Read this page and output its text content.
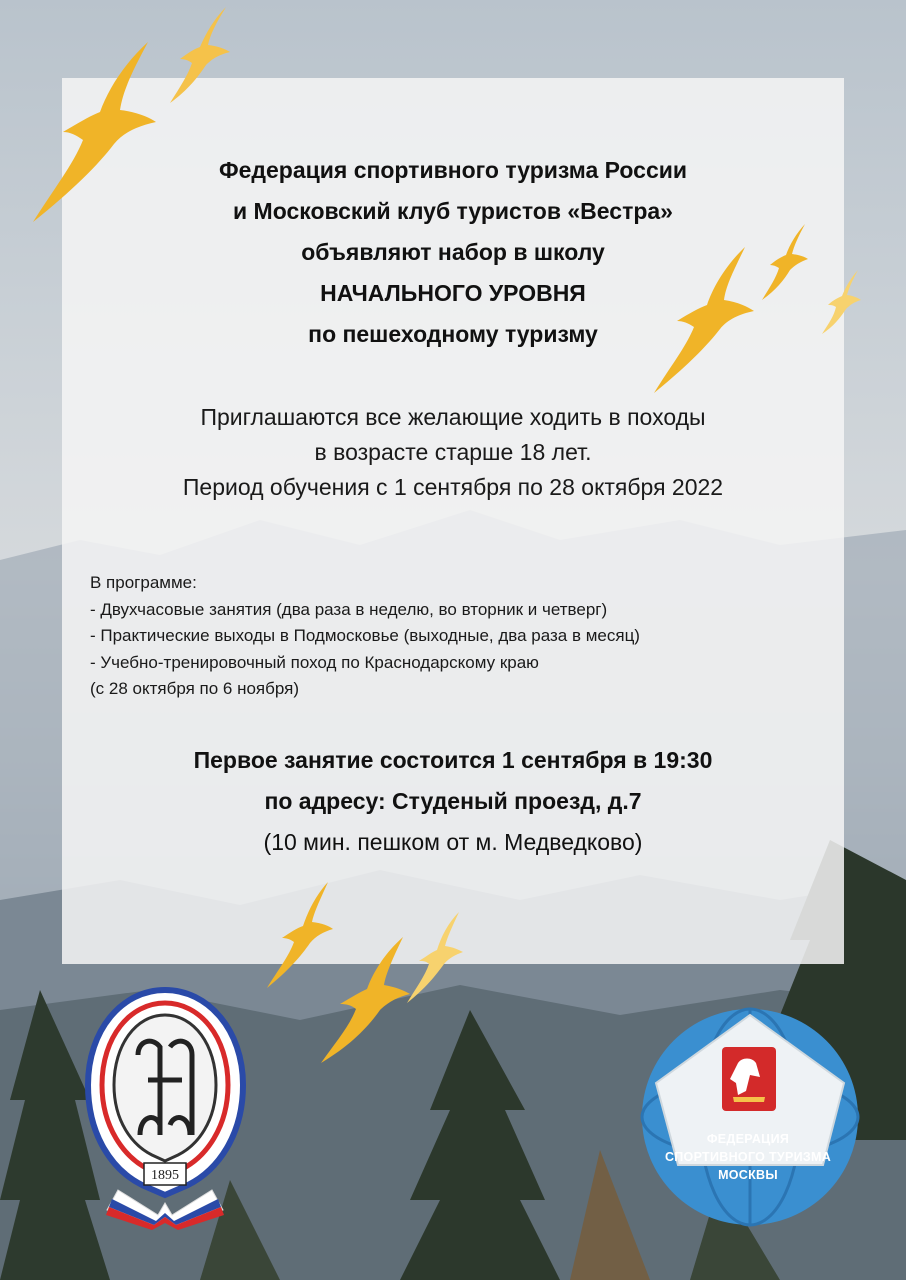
Федерация спортивного туризма России
и Московский клуб туристов «Вестра»
объявляют набор в школу
НАЧАЛЬНОГО УРОВНЯ
по пешеходному туризму
Приглашаются все желающие ходить в походы
в возрасте старше 18 лет.
Период обучения с 1 сентября по 28 октября 2022
В программе:
- Двухчасовые занятия (два раза в неделю, во вторник и четверг)
- Практические выходы в Подмосковье (выходные, два раза в месяц)
- Учебно-тренировочный поход по Краснодарскому краю
(с 28 октября по 6 ноября)
Первое занятие состоится 1 сентября в 19:30
по адресу: Студеный проезд, д.7
(10 мин. пешком от м. Медведково)
1895
ФЕДЕРАЦИЯ
СПОРТИВНОГО ТУРИЗМА
МОСКВЫ
